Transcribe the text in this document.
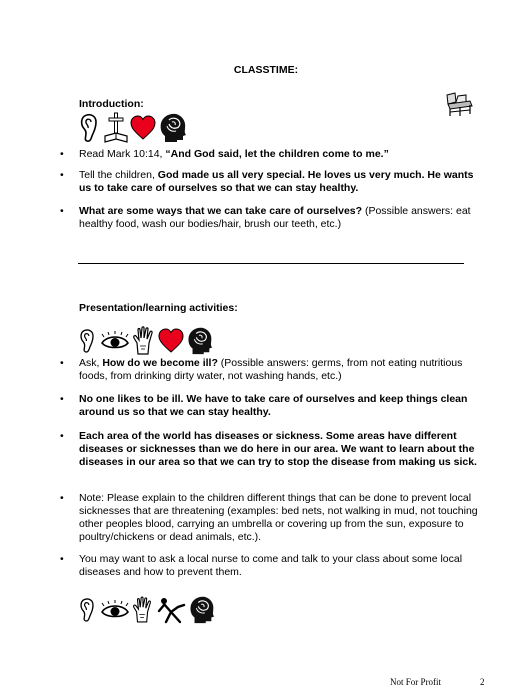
CLASSTIME:
Introduction:
•	Read Mark 10:14, “And God said, let the children come to me.”
•	Tell the children, God made us all very special. He loves us very much. He wants us to take care of ourselves so that we can stay healthy.
•	What are some ways that we can take care of ourselves? (Possible answers: eat healthy food, wash our bodies/hair, brush our teeth, etc.)
Presentation/learning activities:
•	Ask, How do we become ill? (Possible answers: germs, from not eating nutritious foods, from drinking dirty water, not washing hands, etc.)
•	No one likes to be ill. We have to take care of ourselves and keep things clean around us so that we can stay healthy.
•	Each area of the world has diseases or sickness. Some areas have different diseases or sicknesses than we do here in our area. We want to learn about the diseases in our area so that we can try to stop the disease from making us sick.
•	Note: Please explain to the children different things that can be done to prevent local sicknesses that are threatening (examples: bed nets, not walking in mud, not touching other peoples blood, carrying an umbrella or covering up from the sun, exposure to poultry/chickens or dead animals, etc.).
•	You may want to ask a local nurse to come and talk to your class about some local diseases and how to prevent them.
Not For Profit	2
